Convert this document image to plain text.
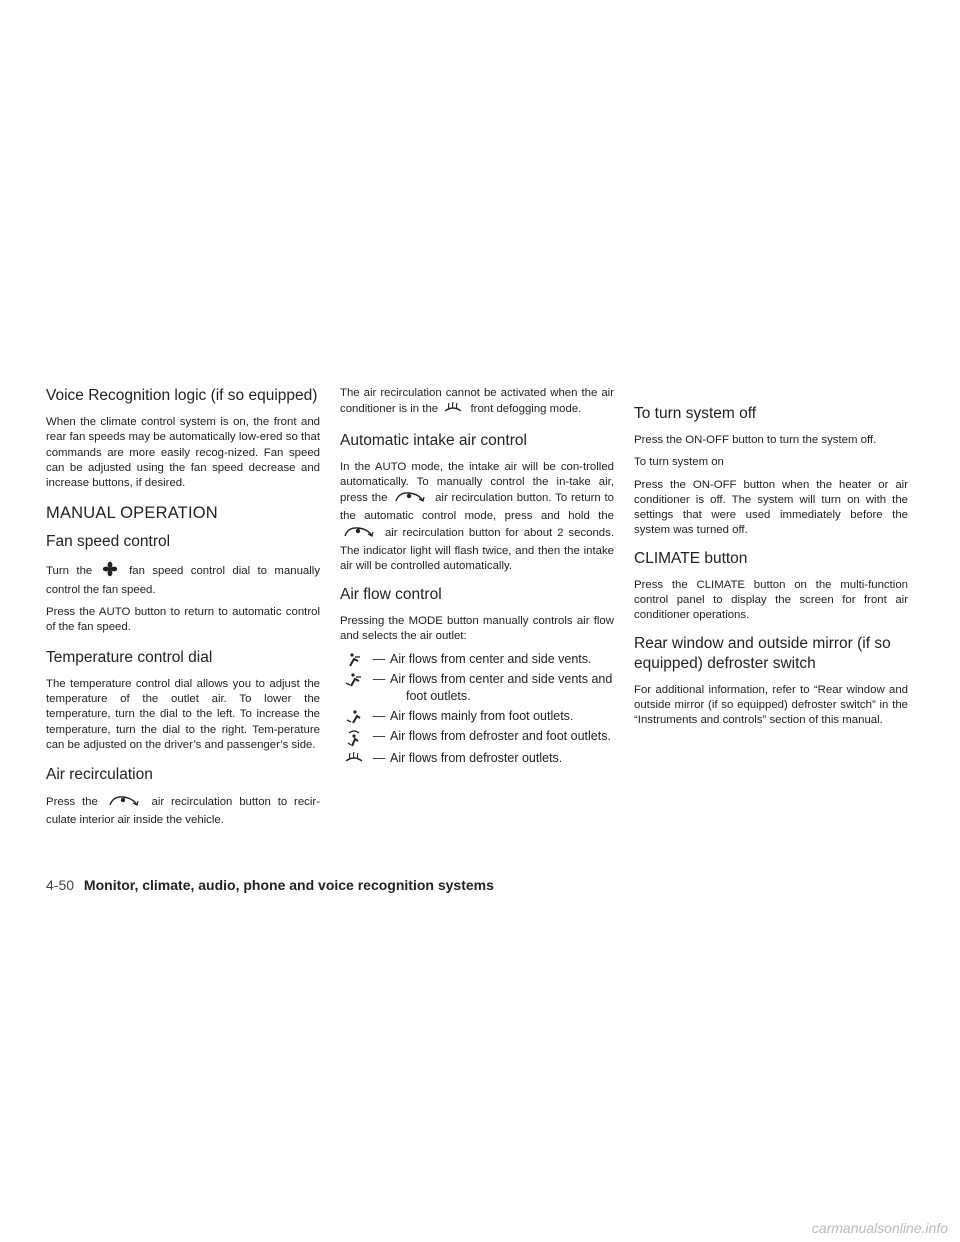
Voice Recognition logic (if so equipped)

When the climate control system is on, the front and rear fan speeds may be automatically low-ered so that commands are more easily recog-nized. Fan speed can be adjusted using the fan speed decrease and increase buttons, if desired.

MANUAL OPERATION
Fan speed control

Turn the	fan speed control dial to manually control the fan speed.

Press the AUTO button to return to automatic control of the fan speed.

Temperature control dial

The temperature control dial allows you to adjust the temperature of the outlet air. To lower the temperature, turn the dial to the left. To increase the temperature, turn the dial to the right. Tem-perature can be adjusted on the driver’s and passenger’s side.

Air recirculation

Press the	air recirculation button to recir-culate interior air inside the vehicle.

The air recirculation cannot be activated when the air conditioner is in the	front defogging mode.

Automatic intake air control

In the AUTO mode, the intake air will be con-trolled automatically. To manually control the in-take air, press the	air recirculation button. To return to the automatic control mode, press and hold the  air recirculation button for about 2 seconds. The indicator light will flash twice, and then the intake air will be controlled automatically.

Air flow control

Pressing the MODE button manually controls air flow and selects the air outlet:

— Air flows from center and side vents.
— Air flows from center and side vents and foot outlets.
— Air flows mainly from foot outlets.
— Air flows from defroster and foot outlets.
— Air flows from defroster outlets.
To turn system off

Press the ON-OFF button to turn the system off.

To turn system on

Press the ON-OFF button when the heater or air conditioner is off. The system will turn on with the settings that were used immediately before the system was turned off.

CLIMATE button

Press the CLIMATE button on the multi-function control panel to display the screen for front air conditioner operations.

Rear window and outside mirror (if so equipped) defroster switch

For additional information, refer to “Rear window and outside mirror (if so equipped) defroster switch” in the “Instruments and controls” section of this manual.

4-50 Monitor, climate, audio, phone and voice recognition systems
carmanualsonline.info
